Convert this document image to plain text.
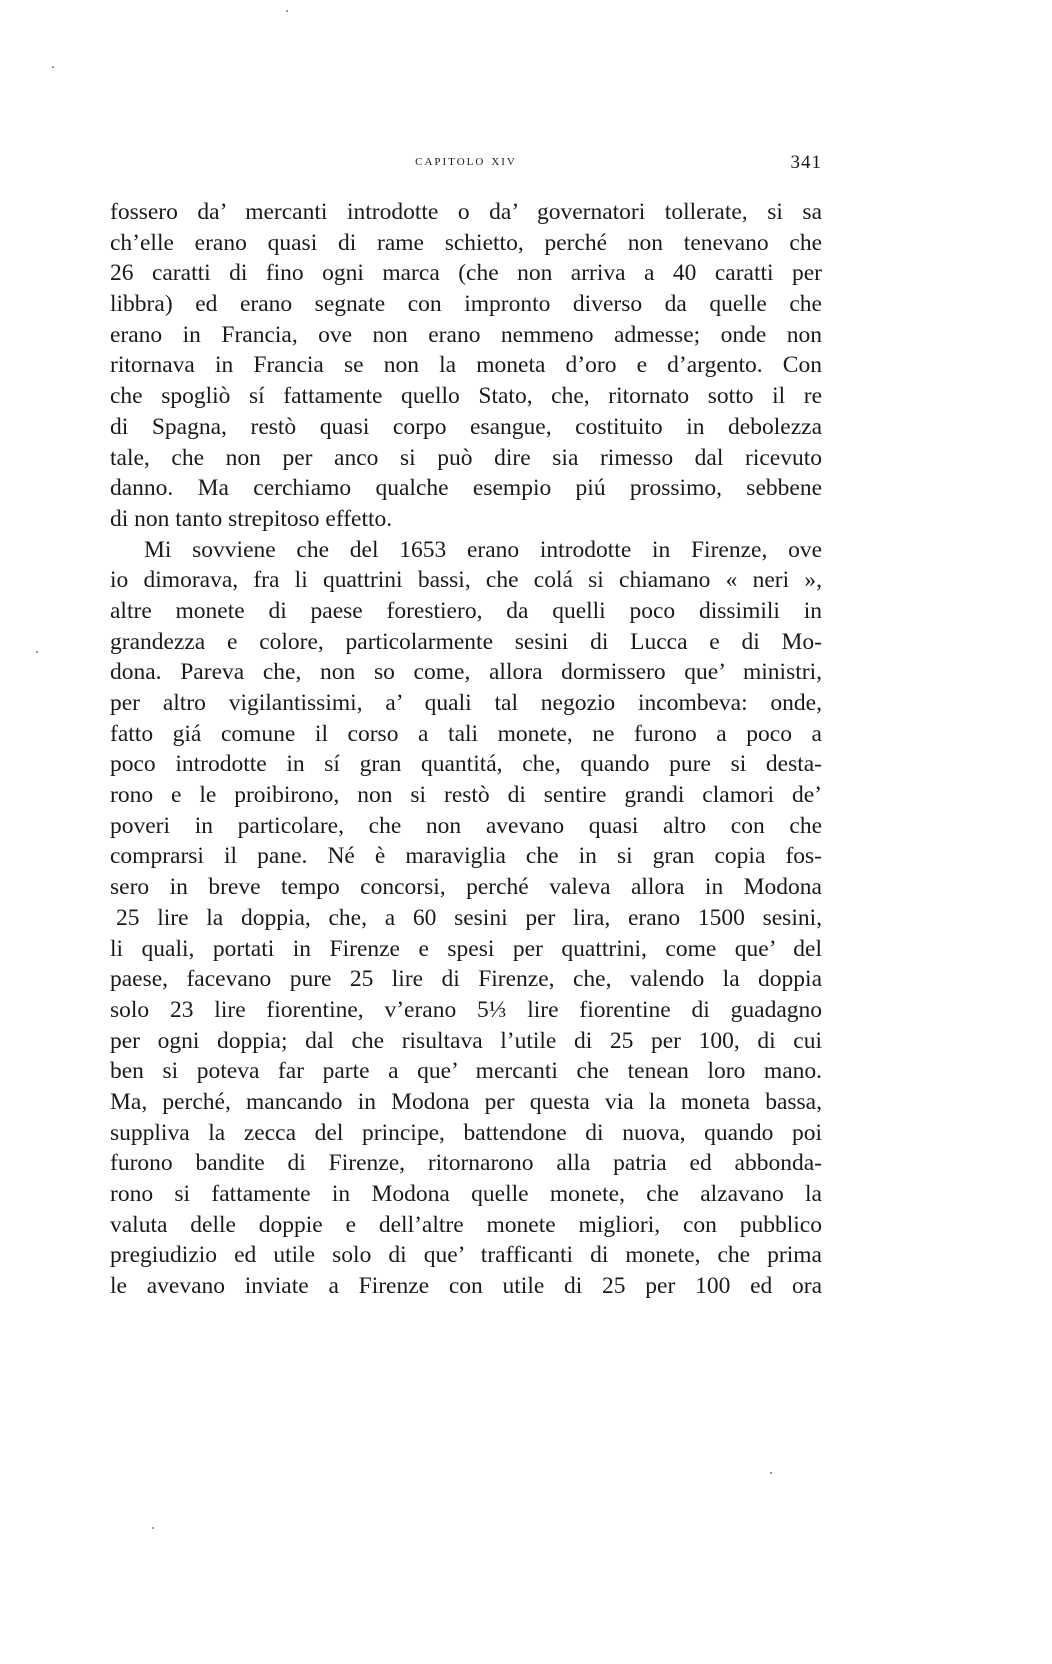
capitolo xiv	341
fossero da’ mercanti introdotte o da’ governatori tollerate, si sa
ch’elle erano quasi di rame schietto, perché non tenevano che
26 caratti di fino ogni marca (che non arriva a 40 caratti per
libbra) ed erano segnate con impronto diverso da quelle che
erano in Francia, ove non erano nemmeno admesse; onde non
ritornava in Francia se non la moneta d’oro e d’argento. Con
che spogliò sí fattamente quello Stato, che, ritornato sotto il re
di Spagna, restò quasi corpo esangue, costituito in debolezza
tale, che non per anco si può dire sia rimesso dal ricevuto
danno. Ma cerchiamo qualche esempio piú prossimo, sebbene
di non tanto strepitoso effetto.
Mi sovviene che del 1653 erano introdotte in Firenze, ove
io dimorava, fra li quattrini bassi, che colá si chiamano « neri »,
altre monete di paese forestiero, da quelli poco dissimili in
grandezza e colore, particolarmente sesini di Lucca e di Mo-
dona. Pareva che, non so come, allora dormissero que’ ministri,
per altro vigilantissimi, a’ quali tal negozio incombeva: onde,
fatto giá comune il corso a tali monete, ne furono a poco a
poco introdotte in sí gran quantitá, che, quando pure si desta-
rono e le proibirono, non si restò di sentire grandi clamori de’
poveri in particolare, che non avevano quasi altro con che
comprarsi il pane. Né è maraviglia che in si gran copia fos-
sero in breve tempo concorsi, perché valeva allora in Modona
25 lire la doppia, che, a 60 sesini per lira, erano 1500 sesini,
li quali, portati in Firenze e spesi per quattrini, come que’ del
paese, facevano pure 25 lire di Firenze, che, valendo la doppia
solo 23 lire fiorentine, v’erano 5⅓ lire fiorentine di guadagno
per ogni doppia; dal che risultava l’utile di 25 per 100, di cui
ben si poteva far parte a que’ mercanti che tenean loro mano.
Ma, perché, mancando in Modona per questa via la moneta bassa,
suppliva la zecca del principe, battendone di nuova, quando poi
furono bandite di Firenze, ritornarono alla patria ed abbonda-
rono si fattamente in Modona quelle monete, che alzavano la
valuta delle doppie e dell’altre monete migliori, con pubblico
pregiudizio ed utile solo di que’ trafficanti di monete, che prima
le avevano inviate a Firenze con utile di 25 per 100 ed ora
